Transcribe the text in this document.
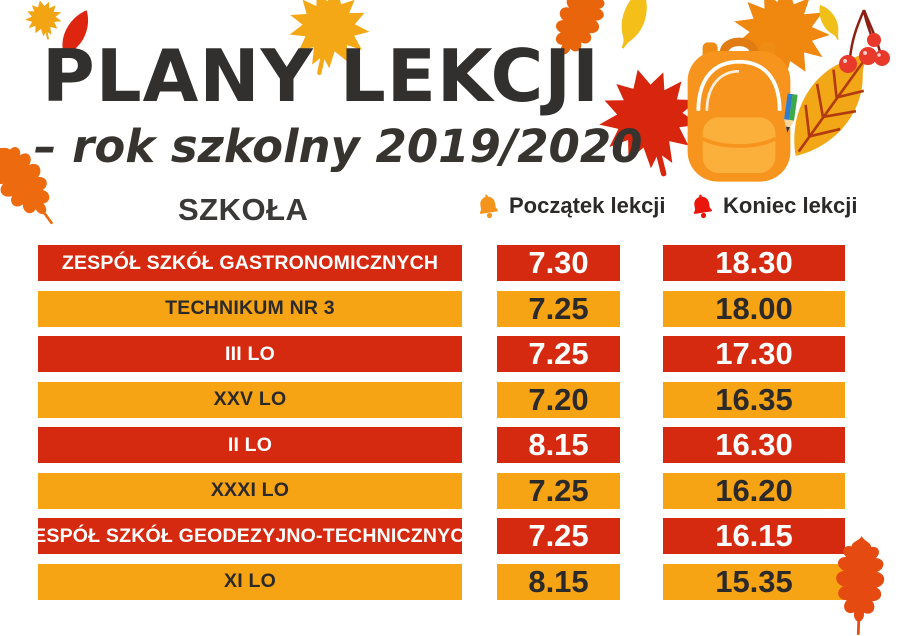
PLANY LEKCJI
– rok szkolny 2019/2020
SZKOŁA	Początek lekcji	Koniec lekcji
ZESPÓŁ SZKÓŁ GASTRONOMICZNYCH	7.30	18.30
TECHNIKUM NR 3	7.25	18.00
III LO	7.25	17.30
XXV LO	7.20	16.35
II LO	8.15	16.30
XXXI LO	7.25	16.20
ZESPÓŁ SZKÓŁ GEODEZYJNO-TECHNICZNYCH 7.25	16.15
XI LO	8.15	15.35
